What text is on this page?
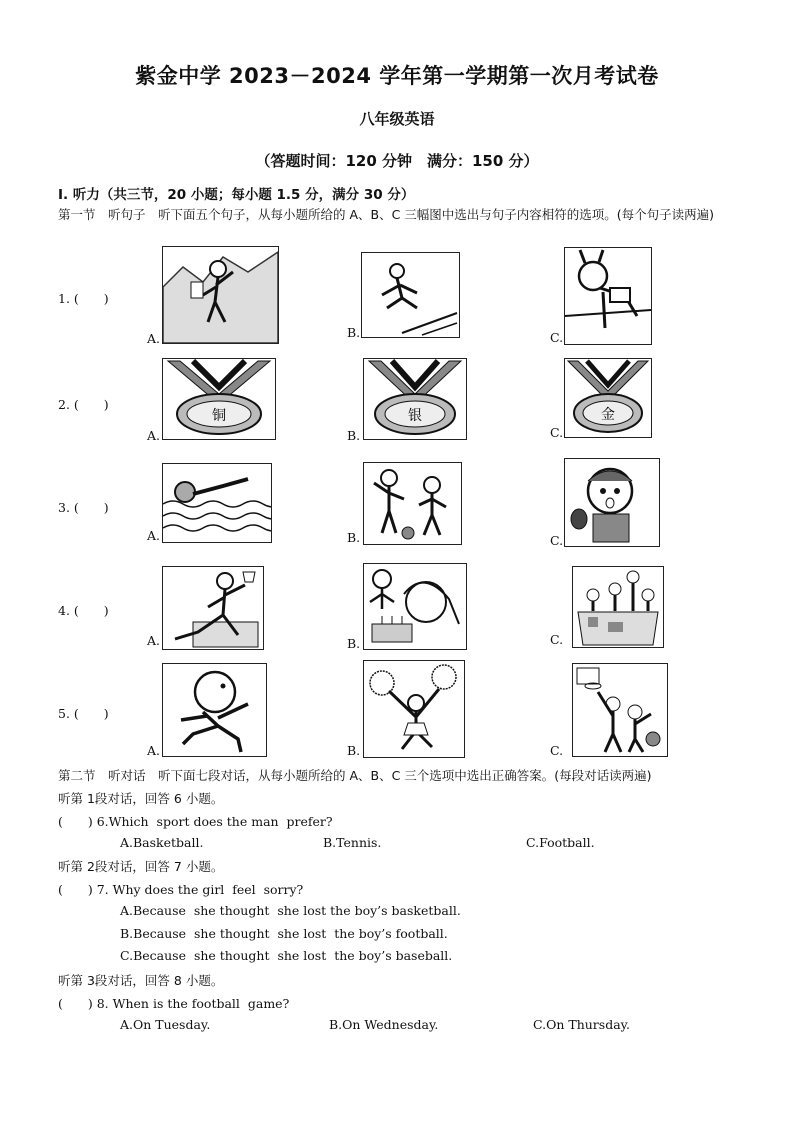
紫金中学 2023－2024 学年第一学期第一次月考试卷
八年级英语
（答题时间：120 分钟　满分：150 分）
Ⅰ. 听力（共三节，20 小题；每小题 1.5 分，满分 30 分）
第一节　听句子　听下面五个句子，从每小题所给的 A、B、C 三幅图中选出与句子内容相符的选项。(每个句子读两遍)
1. (　　)
A.	B.	C.
2. (　　)
A.
铜
B.
银
C.
金
3. (　　)
A.	B.	C.
4. (　　)
A.	B.	C.
5. (　　)
A.	B.	C.
第二节　听对话　听下面七段对话，从每小题所给的 A、B、C 三个选项中选出正确答案。(每段对话读两遍)
听第 1段对话，回答 6 小题。
(　　) 6.Which  sport does the man  prefer?
A.Basketball.	B.Tennis.	C.Football.
听第 2段对话，回答 7 小题。
(　　) 7. Why does the girl  feel  sorry?
A.Because  she thought  she lost the boy’s basketball.
B.Because  she thought  she lost  the boy’s football.
C.Because  she thought  she lost  the boy’s baseball.
听第 3段对话，回答 8 小题。
(　　) 8. When is the football  game?
A.On Tuesday.	B.On Wednesday.	C.On Thursday.
